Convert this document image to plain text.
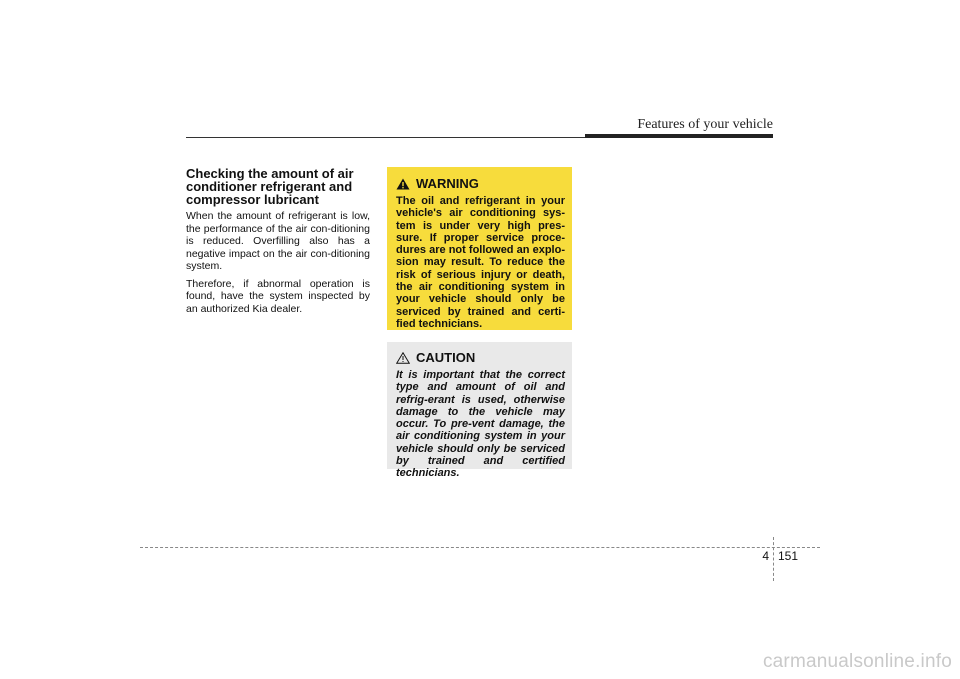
Features of your vehicle
Checking the amount of air conditioner refrigerant and compressor lubricant

When the amount of refrigerant is low, the performance of the air con-ditioning is reduced. Overfilling also has a negative impact on the air con-ditioning system.

Therefore, if abnormal operation is found, have the system inspected by an authorized Kia dealer.

WARNING

The oil and refrigerant in your vehicle's air conditioning sys-tem is under very high pres-sure. If proper service proce-dures are not followed an explo-sion may result. To reduce the risk of serious injury or death, the air conditioning system in your vehicle should only be serviced by trained and certi-fied technicians.

CAUTION

It is important that the correct type and amount of oil and refrig-erant is used, otherwise damage to the vehicle may occur. To pre-vent damage, the air conditioning system in your vehicle should only be serviced by trained and certified technicians.

4 151
carmanualsonline.info
